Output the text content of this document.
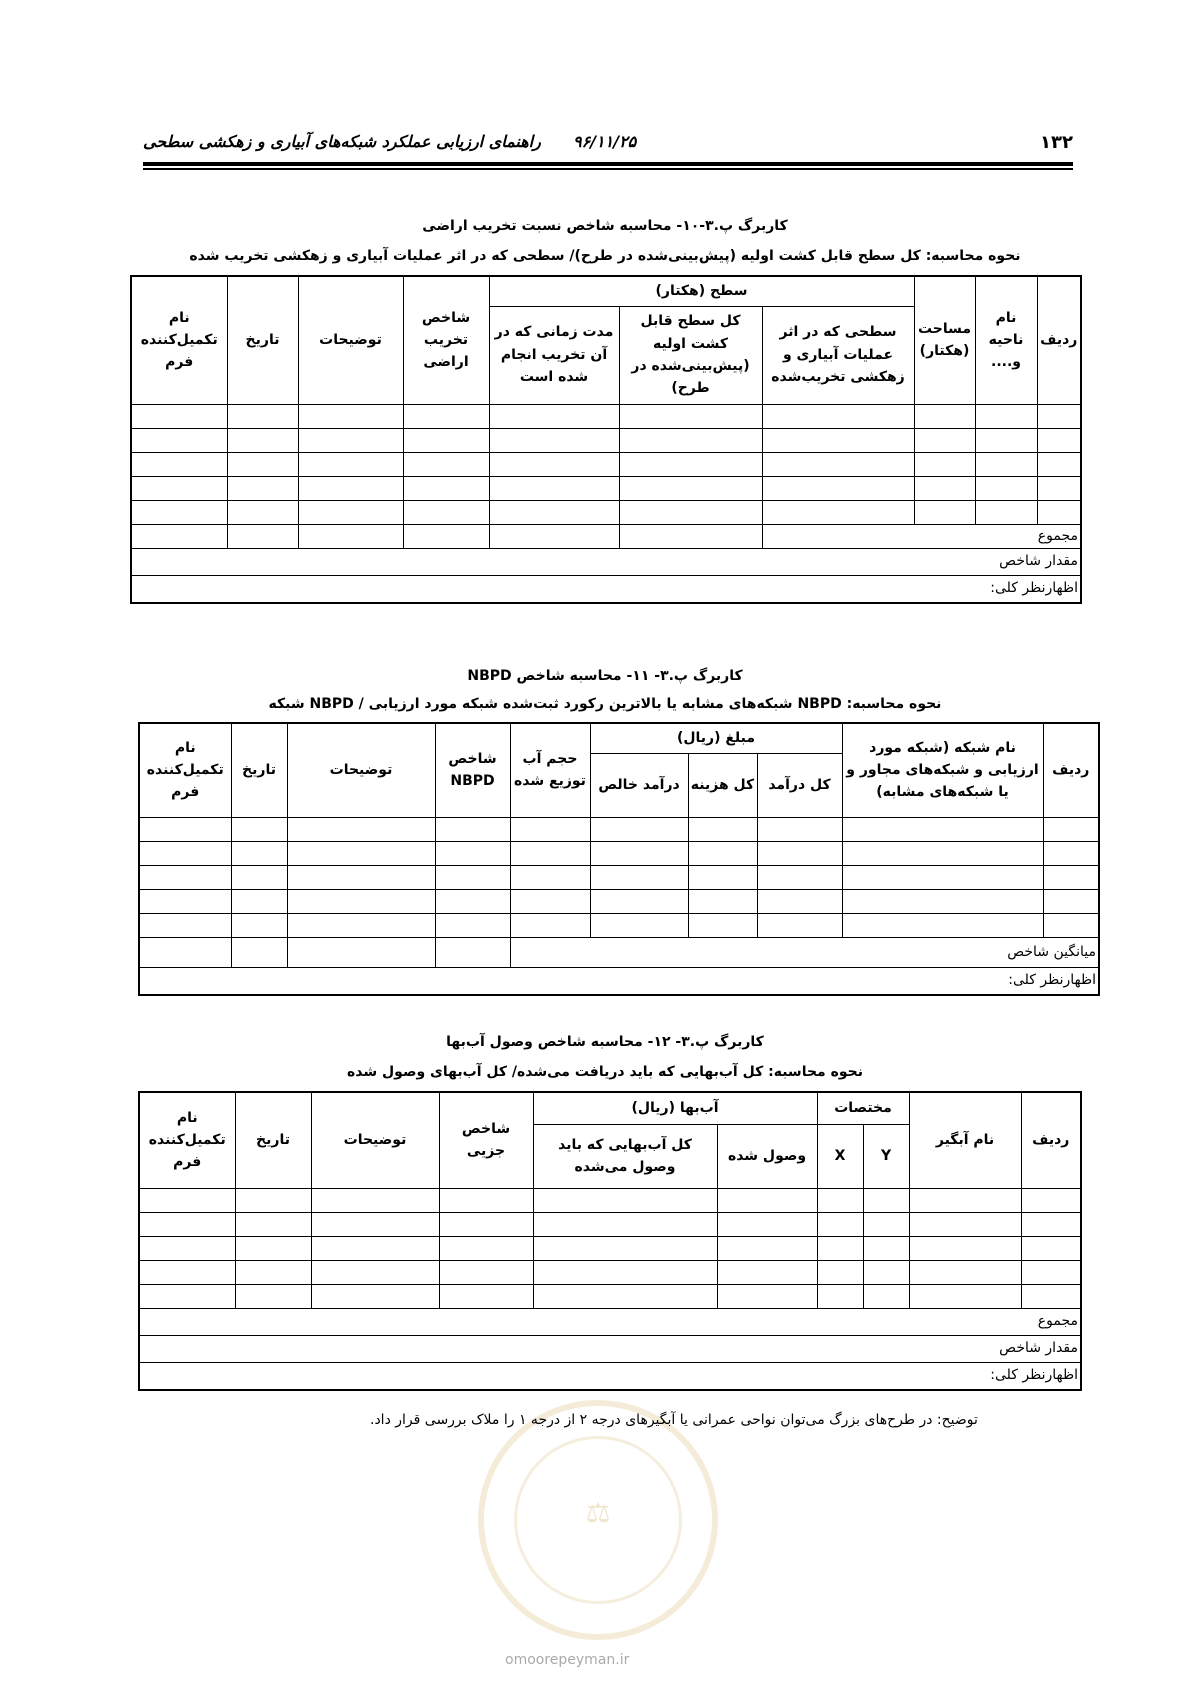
۱۳۲
۹۶/۱۱/۲۵
راهنمای ارزیابی عملکرد شبکه‌های آبیاری و زهکشی سطحی
کاربرگ پ.۳-۱۰- محاسبه شاخص نسبت تخریب اراضی
نحوه محاسبه: کل سطح قابل کشت اولیه (پیش‌بینی‌شده در طرح)/ سطحی که در اثر عملیات آبیاری و زهکشی تخریب شده
ردیف	نام ناحیه و....	مساحت (هکتار)	سطح (هکتار)			شاخص تخریب اراضی	توضیحات	تاریخ	نام تکمیل‌کننده فرم
			سطحی که در اثر عملیات آبیاری و زهکشی تخریب‌شده	کل سطح قابل کشت اولیه (پیش‌بینی‌شده در طرح)	مدت زمانی که در آن تخریب انجام شده است				

مجموع									
مقدار شاخص									
اظهارنظر کلی:									
کاربرگ پ.۳- ۱۱- محاسبه شاخص NBPD
نحوه محاسبه: NBPD شبکه‌های مشابه یا بالاترین رکورد ثبت‌شده شبکه مورد ارزیابی / NBPD شبکه
ردیف	نام شبکه (شبکه مورد ارزیابی و شبکه‌های مجاور و یا شبکه‌های مشابه)	مبلغ (ریال)			حجم آب توزیع شده	شاخص NBPD	توضیحات	تاریخ	نام تکمیل‌کننده فرم
		کل درآمد	کل هزینه	درآمد خالص					

میانگین شاخص									
اظهارنظر کلی:									
کاربرگ پ.۳- ۱۲- محاسبه شاخص وصول آب‌بها
نحوه محاسبه: کل آب‌بهایی که باید دریافت می‌شده/ کل آب‌بهای وصول شده
ردیف	نام آبگیر	مختصات		آب‌بها (ریال)		شاخص جزیی	توضیحات	تاریخ	نام تکمیل‌کننده فرم
		Y	X	وصول شده	کل آب‌بهایی که باید وصول می‌شده				

مجموع									
مقدار شاخص									
اظهارنظر کلی:									
⚖
توضیح: در طرح‌های بزرگ می‌توان نواحی عمرانی یا آبگیرهای درجه ۲ از درجه ۱ را ملاک بررسی قرار داد.
omoorepeyman.ir
